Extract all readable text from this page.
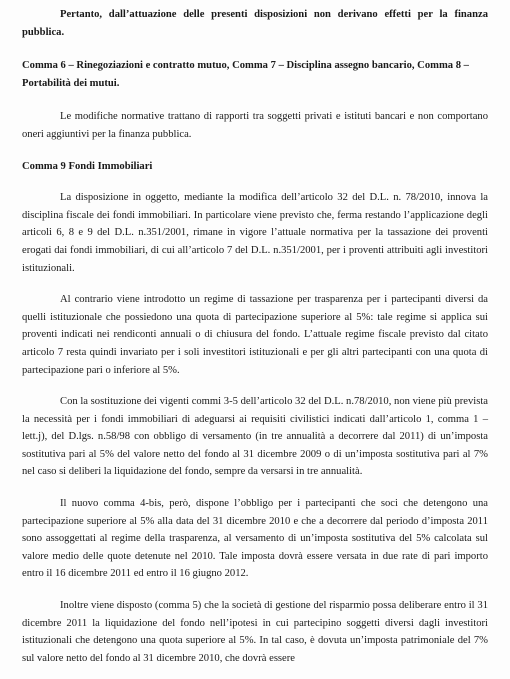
Pertanto, dall’attuazione delle presenti disposizioni non derivano effetti per la finanza pubblica.

Comma 6 – Rinegoziazioni e contratto mutuo, Comma 7 – Disciplina assegno bancario, Comma 8 – Portabilità dei mutui.

Le modifiche normative trattano di rapporti tra soggetti privati e istituti bancari e non comportano oneri aggiuntivi per la finanza pubblica.

Comma 9 Fondi Immobiliari

La disposizione in oggetto, mediante la modifica dell’articolo 32 del D.L. n. 78/2010, innova la disciplina fiscale dei fondi immobiliari. In particolare viene previsto che, ferma restando l’applicazione degli articoli 6, 8 e 9 del D.L. n.351/2001, rimane in vigore l’attuale normativa per la tassazione dei proventi erogati dai fondi immobiliari, di cui all’articolo 7 del D.L. n.351/2001, per i proventi attribuiti agli investitori istituzionali.

Al contrario viene introdotto un regime di tassazione per trasparenza per i partecipanti diversi da quelli istituzionale che possiedono una quota di partecipazione superiore al 5%: tale regime si applica sui proventi indicati nei rendiconti annuali o di chiusura del fondo. L’attuale regime fiscale previsto dal citato articolo 7 resta quindi invariato per i soli investitori istituzionali e per gli altri partecipanti con una quota di partecipazione pari o inferiore al 5%.

Con la sostituzione dei vigenti commi 3-5 dell’articolo 32 del D.L. n.78/2010, non viene più prevista la necessità per i fondi immobiliari di adeguarsi ai requisiti civilistici indicati dall’articolo 1, comma 1 – lett.j), del D.lgs. n.58/98 con obbligo di versamento (in tre annualità a decorrere dal 2011) di un’imposta sostitutiva pari al 5% del valore netto del fondo al 31 dicembre 2009 o di un’imposta sostitutiva pari al 7% nel caso si deliberi la liquidazione del fondo, sempre da versarsi in tre annualità.

Il nuovo comma 4-bis, però, dispone l’obbligo per i partecipanti che soci che detengono una partecipazione superiore al 5% alla data del 31 dicembre 2010 e che a decorrere dal periodo d’imposta 2011 sono assoggettati al regime della trasparenza, al versamento di un’imposta sostitutiva del 5% calcolata sul valore medio delle quote detenute nel 2010. Tale imposta dovrà essere versata in due rate di pari importo entro il 16 dicembre 2011 ed entro il 16 giugno 2012.

Inoltre viene disposto (comma 5) che la società di gestione del risparmio possa deliberare entro il 31 dicembre 2011 la liquidazione del fondo nell’ipotesi in cui partecipino soggetti diversi dagli investitori istituzionali che detengono una quota superiore al 5%. In tal caso, è dovuta un’imposta patrimoniale del 7% sul valore netto del fondo al 31 dicembre 2010, che dovrà essere
